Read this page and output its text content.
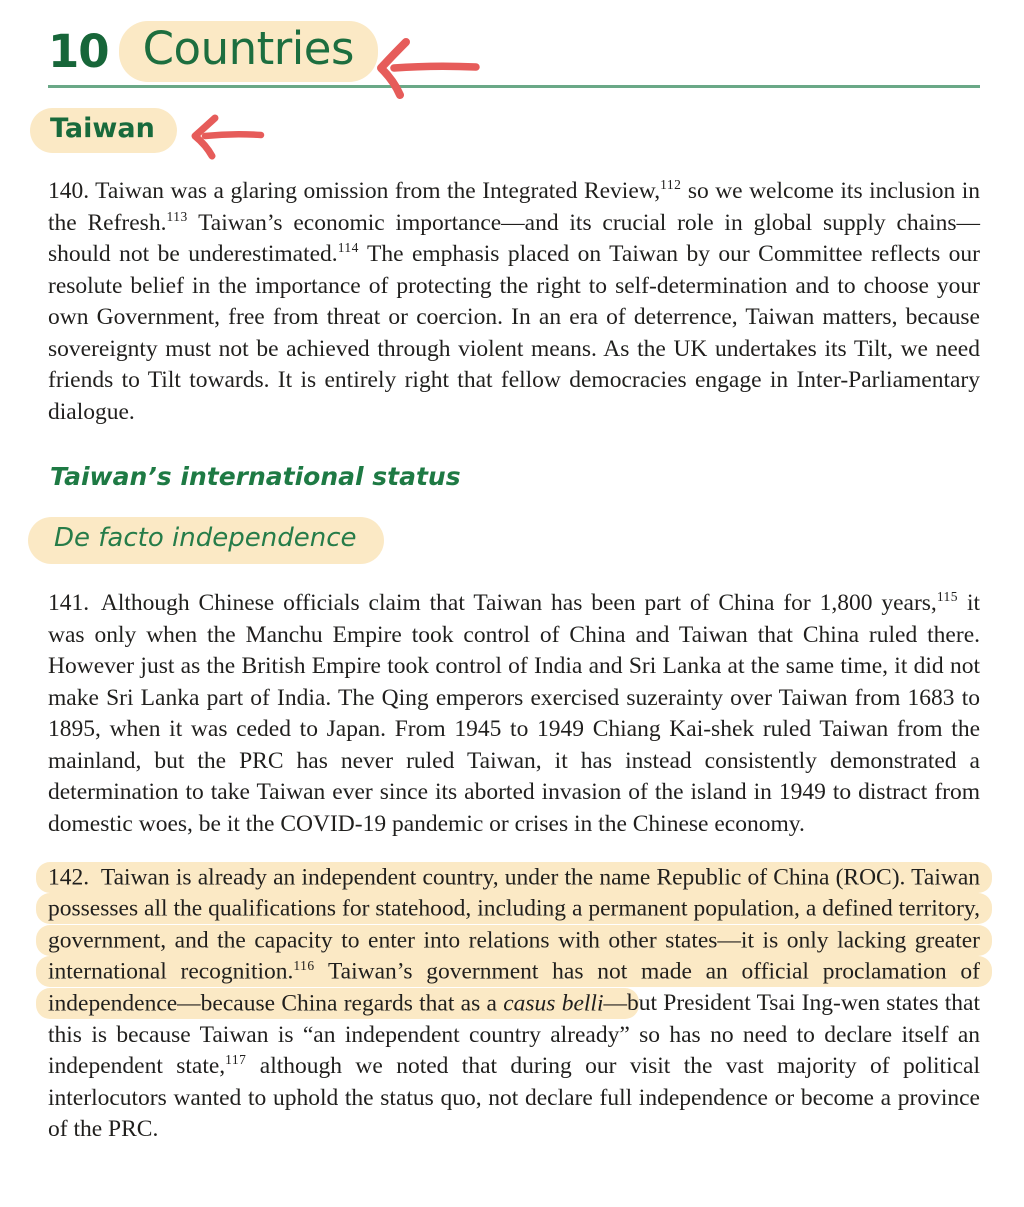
10 Countries
Taiwan

140. Taiwan was a glaring omission from the Integrated Review,$^{112}$ so we welcome its inclusion in the Refresh.$^{113}$ Taiwan’s economic importance—and its crucial role in global supply chains—should not be underestimated.$^{114}$ The emphasis placed on Taiwan by our Committee reflects our resolute belief in the importance of protecting the right to self-determination and to choose your own Government, free from threat or coercion. In an era of deterrence, Taiwan matters, because sovereignty must not be achieved through violent means. As the UK undertakes its Tilt, we need friends to Tilt towards. It is entirely right that fellow democracies engage in Inter-Parliamentary dialogue.

Taiwan’s international status
De facto independence

141. Although Chinese officials claim that Taiwan has been part of China for 1,800 years,$^{115}$ it was only when the Manchu Empire took control of China and Taiwan that China ruled there. However just as the British Empire took control of India and Sri Lanka at the same time, it did not make Sri Lanka part of India. The Qing emperors exercised suzerainty over Taiwan from 1683 to 1895, when it was ceded to Japan. From 1945 to 1949 Chiang Kai-shek ruled Taiwan from the mainland, but the PRC has never ruled Taiwan, it has instead consistently demonstrated a determination to take Taiwan ever since its aborted invasion of the island in 1949 to distract from domestic woes, be it the COVID-19 pandemic or crises in the Chinese economy.

142. Taiwan is already an independent country, under the name Republic of China (ROC). Taiwan possesses all the qualifications for statehood, including a permanent population, a defined territory, government, and the capacity to enter into relations with other states—it is only lacking greater international recognition.$^{116}$ Taiwan’s government has not made an official proclamation of independence—because China regards that as a casus belli—but President Tsai Ing-wen states that this is because Taiwan is “an independent country already” so has no need to declare itself an independent state,$^{117}$ although we noted that during our visit the vast majority of political interlocutors wanted to uphold the status quo, not declare full independence or become a province of the PRC.
